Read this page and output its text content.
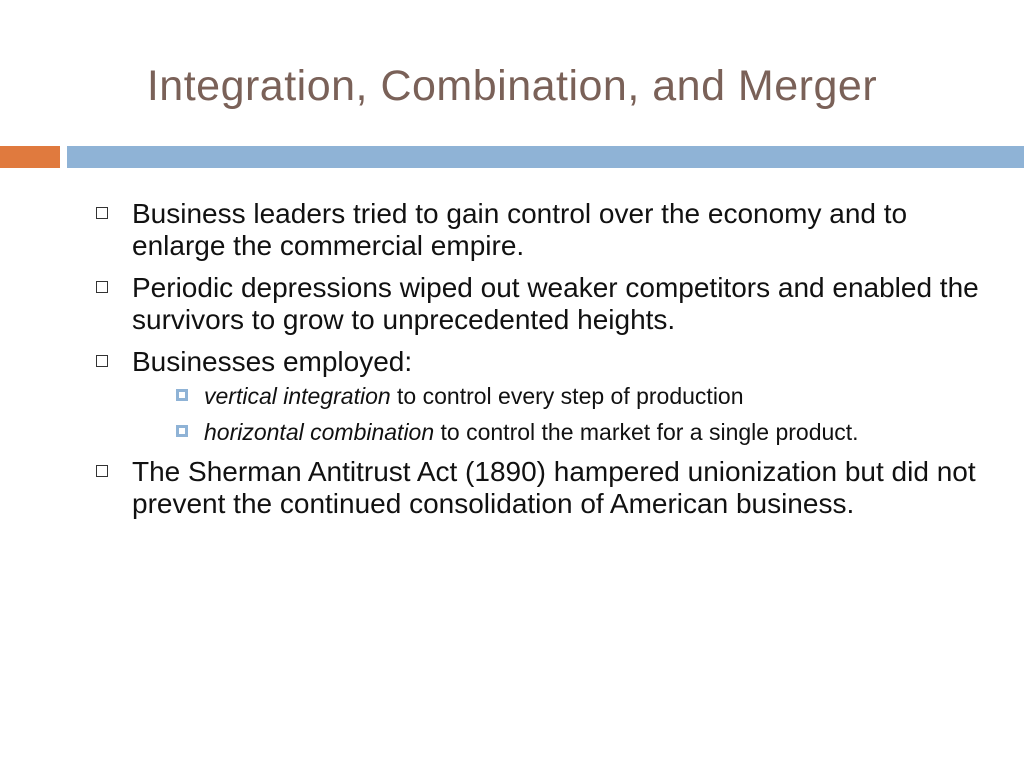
Integration, Combination, and Merger
Business leaders tried to gain control over the economy and to enlarge the commercial empire.
Periodic depressions wiped out weaker competitors and enabled the survivors to grow to unprecedented heights.
Businesses employed:
vertical integration to control every step of production
horizontal combination to control the market for a single product.
The Sherman Antitrust Act (1890) hampered unionization but did not prevent the continued consolidation of American business.
